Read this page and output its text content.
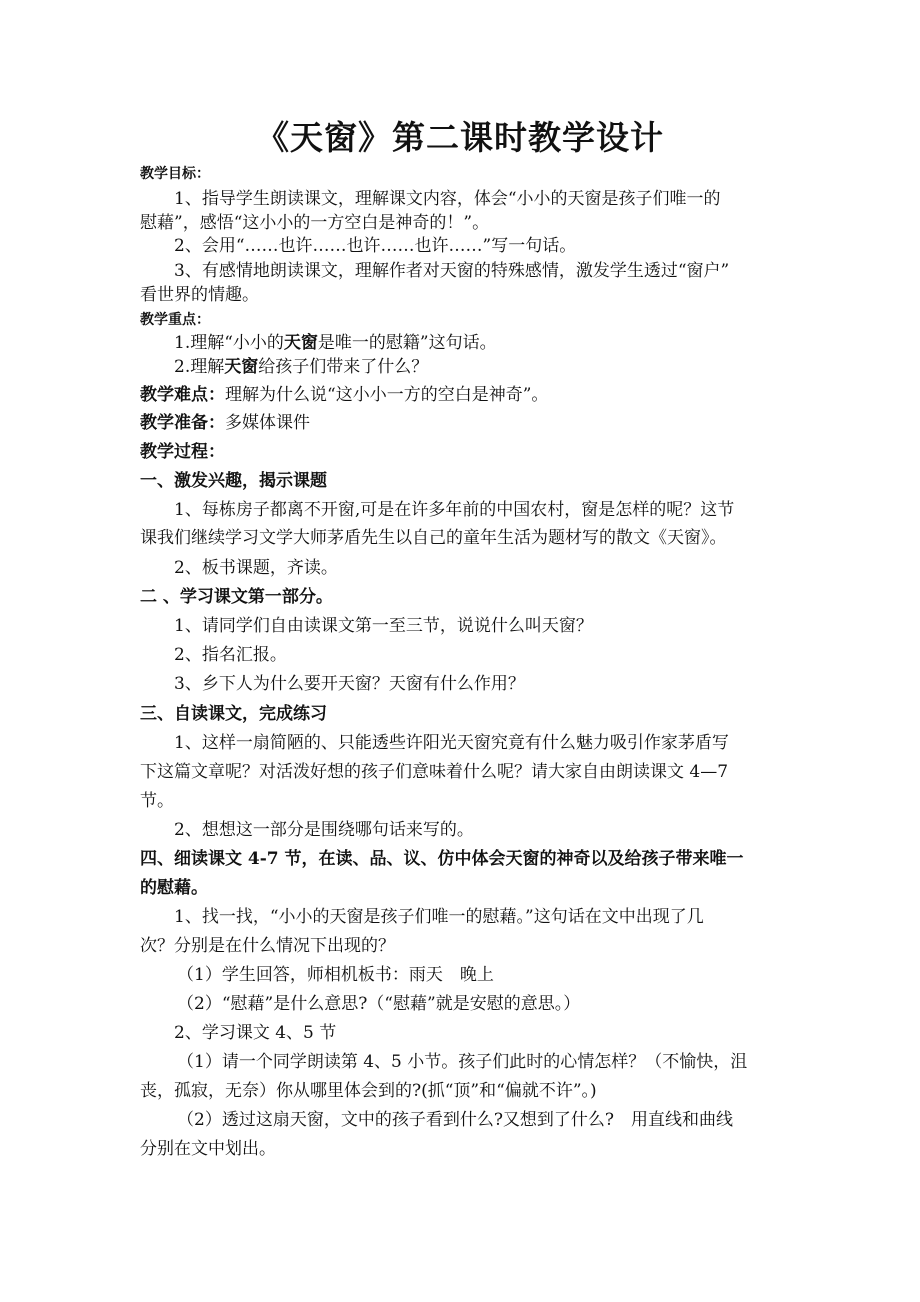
《天窗》第二课时教学设计
教学目标：
1、指导学生朗读课文，理解课文内容，体会“小小的天窗是孩子们唯一的
慰藉”，感悟“这小小的一方空白是神奇的！”。
2、会用“……也许……也许……也许……”写一句话。
3、有感情地朗读课文，理解作者对天窗的特殊感情，激发学生透过“窗户”
看世界的情趣。
教学重点：
1.理解“小小的天窗是唯一的慰籍”这句话。
2.理解天窗给孩子们带来了什么？
教学难点：理解为什么说“这小小一方的空白是神奇”。
教学准备：多媒体课件
教学过程：
一、激发兴趣，揭示课题
1、每栋房子都离不开窗,可是在许多年前的中国农村，窗是怎样的呢？这节
课我们继续学习文学大师茅盾先生以自己的童年生活为题材写的散文《天窗》。
2、板书课题，齐读。
二 、学习课文第一部分。
1、请同学们自由读课文第一至三节，说说什么叫天窗？
2、指名汇报。
3、乡下人为什么要开天窗？天窗有什么作用？
三、自读课文，完成练习
1、这样一扇简陋的、只能透些许阳光天窗究竟有什么魅力吸引作家茅盾写
下这篇文章呢？对活泼好想的孩子们意味着什么呢？请大家自由朗读课文 4—7
节。
2、想想这一部分是围绕哪句话来写的。
四、细读课文 4-7 节，在读、品、议、仿中体会天窗的神奇以及给孩子带来唯一
的慰藉。
1、找一找，“小小的天窗是孩子们唯一的慰藉。”这句话在文中出现了几
次？分别是在什么情况下出现的？
（1）学生回答，师相机板书：雨天　晚上
（2）“慰藉”是什么意思?（“慰藉”就是安慰的意思。）
2、学习课文 4、5 节
（1）请一个同学朗读第 4、5 小节。孩子们此时的心情怎样？（不愉快，沮
丧，孤寂，无奈）你从哪里体会到的?(抓“顶”和“偏就不许”。)
（2）透过这扇天窗，文中的孩子看到什么?又想到了什么?　用直线和曲线
分别在文中划出。
